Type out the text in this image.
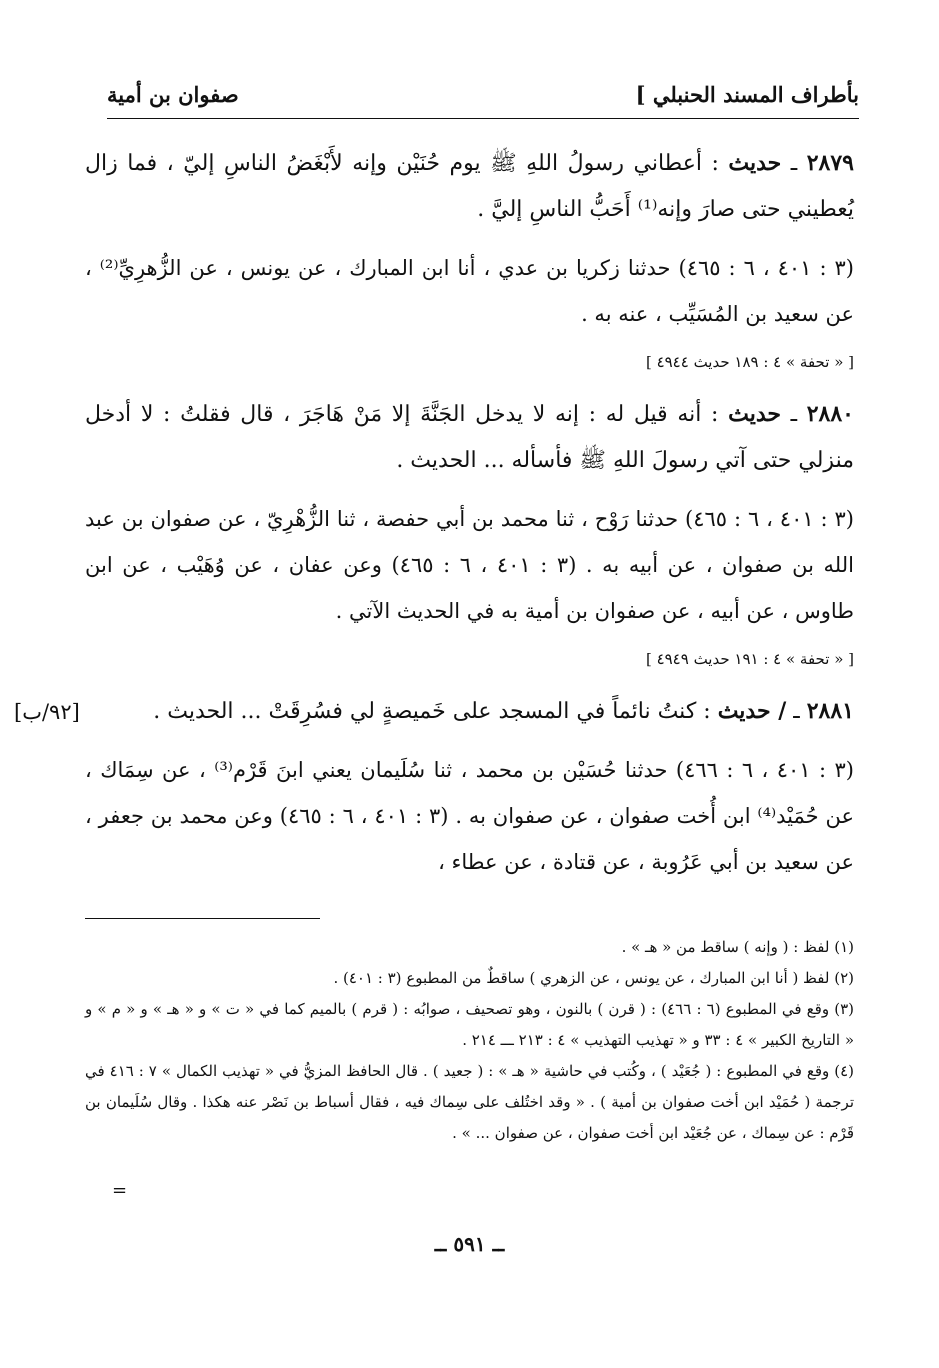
بأطراف المسند الحنبلي ]
صفوان بن أمية
[٩٢/ب]

٢٨٧٩ ـ حديث : أعطاني رسولُ اللهِ ﷺ يوم حُنَيْن وإنه لأَبْغَضُ الناسِ إليّ ، فما زال يُعطيني حتى صارَ وإنه⁽¹⁾ أَحَبُّ الناسِ إليَّ .

(٣ : ٤٠١ ، ٦ : ٤٦٥) حدثنا زكريا بن عدي ، أنا ابن المبارك ، عن يونس ، عن الزُّهرِيِّ⁽²⁾ ، عن سعيد بن المُسَيِّب ، عنه به .

[ « تحفة » ٤ : ١٨٩ حديث ٤٩٤٤ ]

٢٨٨٠ ـ حديث : أنه قيل له : إنه لا يدخل الجَنَّةَ إلا مَنْ هَاجَرَ ، قال فقلتُ : لا أدخل منزلي حتى آتي رسولَ اللهِ ﷺ فأسأله ... الحديث .

(٣ : ٤٠١ ، ٦ : ٤٦٥) حدثنا رَوْح ، ثنا محمد بن أبي حفصة ، ثنا الزُّهْرِيّ ، عن صفوان بن عبد الله بن صفوان ، عن أبيه به . (٣ : ٤٠١ ، ٦ : ٤٦٥) وعن عفان ، عن وُهَيْب ، عن ابن طاوس ، عن أبيه ، عن صفوان بن أمية به في الحديث الآتي .

[ « تحفة » ٤ : ١٩١ حديث ٤٩٤٩ ]

٢٨٨١ ـ / حديث : كنتُ نائماً في المسجد على خَميصةٍ لي فسُرِقَتْ ... الحديث .

(٣ : ٤٠١ ، ٦ : ٤٦٦) حدثنا حُسَيْن بن محمد ، ثنا سُلَيمان يعني ابنَ قَرْم⁽³⁾ ، عن سِمَاك ، عن حُمَيْد⁽⁴⁾ ابن أُخت صفوان ، عن صفوان به . (٣ : ٤٠١ ، ٦ : ٤٦٥) وعن محمد بن جعفر ، عن سعيد بن أبي عَرُوبة ، عن قتادة ، عن عطاء ،

(١) لفظ : ( وإنه ) ساقط من « هـ » .

(٢) لفظ ( أنا ابن المبارك ، عن يونس ، عن الزهري ) ساقطٌ من المطبوع (٣ : ٤٠١) .

(٣) وقع في المطبوع (٦ : ٤٦٦) : ( قرن ) بالنون ، وهو تصحيف ، صوابُه : ( قرم ) بالميم كما في « ت » و « هـ » و « م » و « التاريخ الكبير » ٤ : ٣٣ و « تهذيب التهذيب » ٤ : ٢١٣ ـــ ٢١٤ .

(٤) وقع في المطبوع : ( جُعَيْد ) ، وكُتب في حاشية « هـ » : ( جعيد ) . قال الحافظ المزيُّ في « تهذيب الكمال » ٧ : ٤١٦ في ترجمة ( حُمَيْد ابن أخت صفوان بن أمية ) . « وقد اختُلف على سِماك فيه ، فقال أسباط بن نَصْر عنه هكذا . وقال سُلَيمان بن قَرْم : عن سِماك ، عن جُعَيْد ابن أخت صفوان ، عن صفوان ... » .

=
ــ ٥٩١ ــ
